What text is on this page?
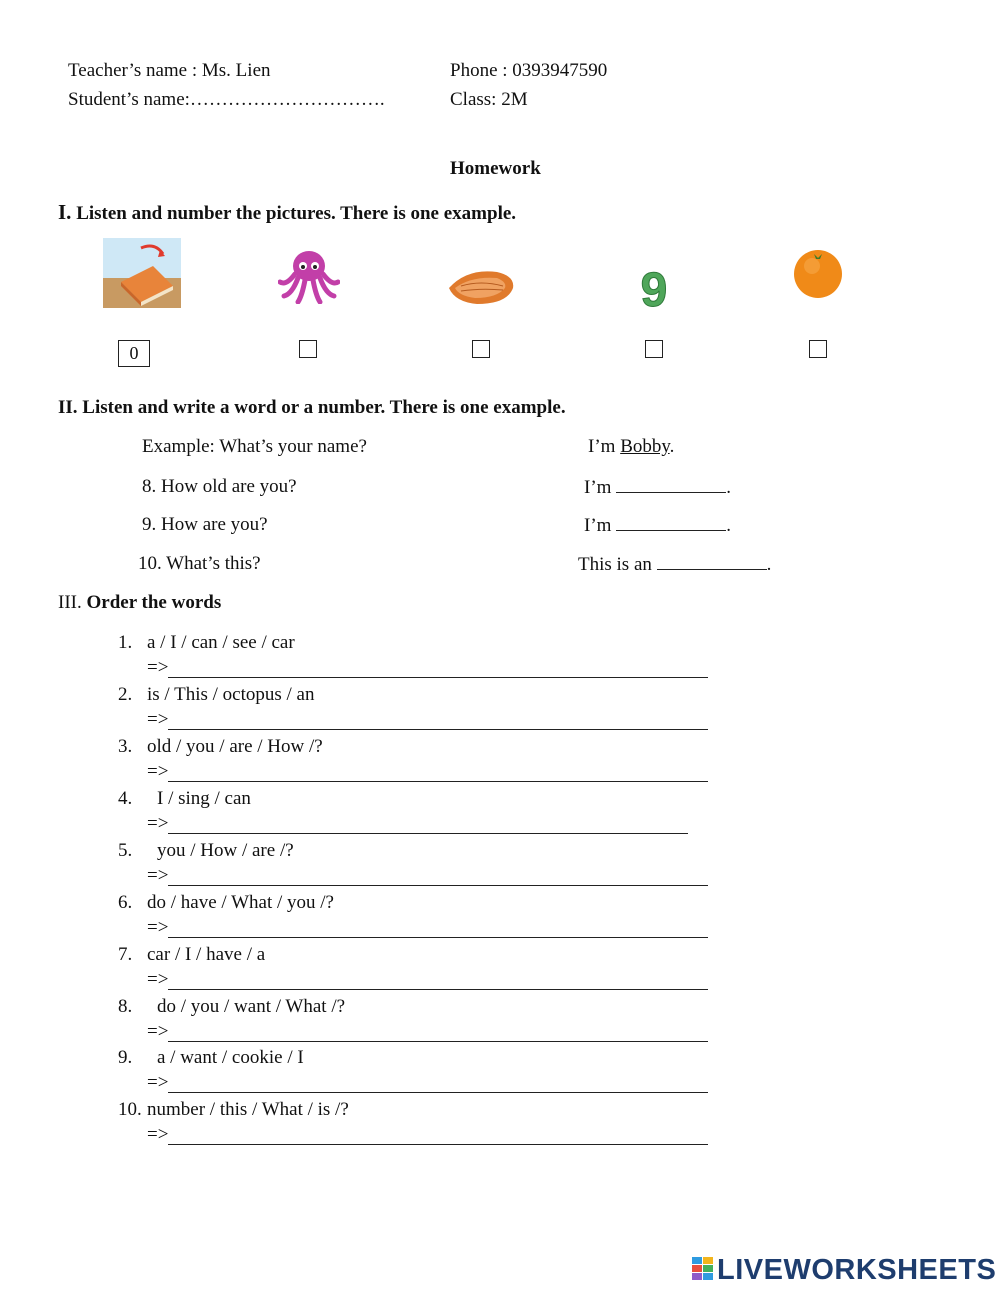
Teacher’s name : Ms. Lien	Phone : 0393947590
Student’s name:………………………….	Class: 2M
Homework
I. Listen and number the pictures. There is one example.
9
0
II. Listen and write a word or a number. There is one example.
Example: What’s your name?	I’m Bobby.
8. How old are you?	I’m	.
9. How are you?	I’m	.
10. What’s this?	This is an	.
III. Order the words
1. a / I / can / see / car
=>
2. is / This / octopus / an
=>
3. old / you / are / How /?
=>
4. I / sing / can
=>
5. you / How / are /?
=>
6. do / have / What / you /?
=>
7. car / I / have / a
=>
8. do / you / want / What /?
=>
9. a / want / cookie / I
=>
10. number / this / What / is /?
=>
LIVEWORKSHEETS
